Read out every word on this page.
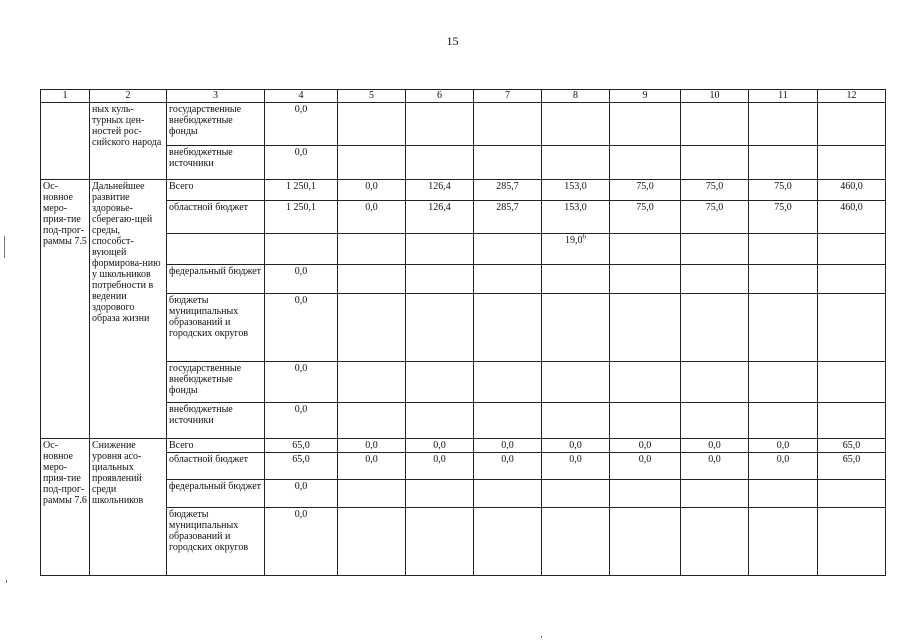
15
1	2	3	4	5	6	7	8	9	10	11	12
	ных куль-турных цен-ностей рос-сийского народа	государственные внебюджетные фонды	0,0								
		внебюджетные источники	0,0								
Ос-новное меро-прия-тие под-прог-раммы 7.5	Дальнейшее развитие здоровье-сберегаю-щей среды, способст-вующей формирова-нию у школьников потребности в ведении здорового образа жизни	Всего	1 250,1	0,0	126,4	285,7	153,0	75,0	75,0	75,0	460,0
		областной бюджет	1 250,1	0,0	126,4	285,7	153,0	75,0	75,0	75,0	460,0
							19,0$^6$				
		федеральный бюджет	0,0								
		бюджеты муниципальных образований и городских округов	0,0								
		государственные внебюджетные фонды	0,0								
		внебюджетные источники	0,0								
Ос-новное меро-прия-тие под-прог-раммы 7.6	Снижение уровня асо-циальных проявлений среди школьников	Всего	65,0	0,0	0,0	0,0	0,0	0,0	0,0	0,0	65,0
		областной бюджет	65,0	0,0	0,0	0,0	0,0	0,0	0,0	0,0	65,0
		федеральный бюджет	0,0								
		бюджеты муниципальных образований и городских округов	0,0								
